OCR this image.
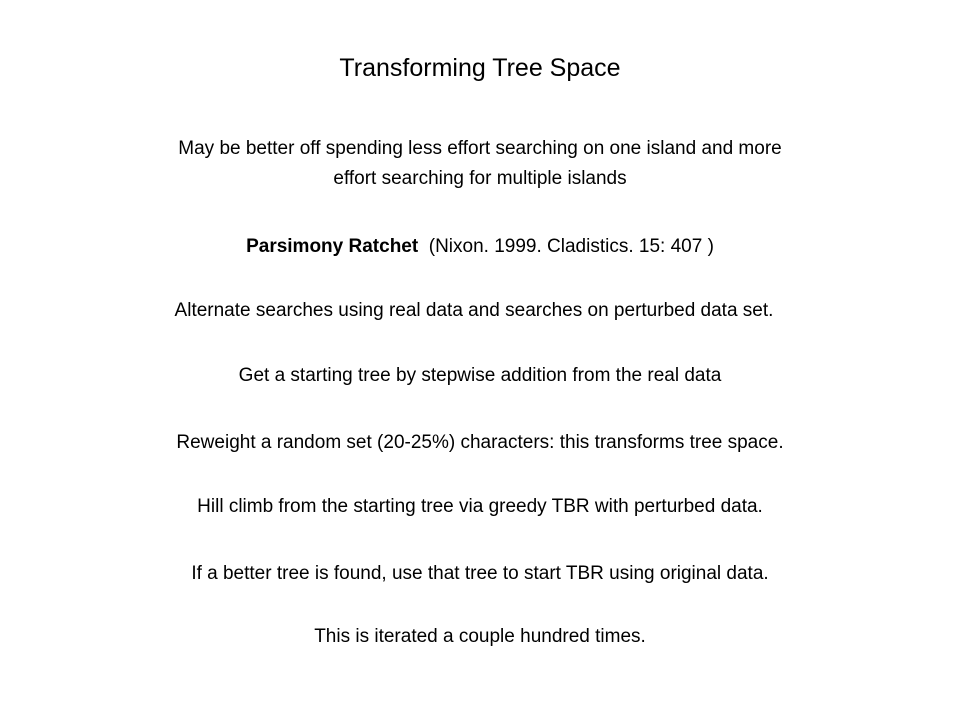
Transforming Tree Space
May be better off spending less effort searching on one island and more
effort searching for multiple islands
Parsimony Ratchet  (Nixon. 1999. Cladistics. 15: 407 )
Alternate searches using real data and searches on perturbed data set.
Get a starting tree by stepwise addition from the real data
Reweight a random set (20-25%) characters: this transforms tree space.
Hill climb from the starting tree via greedy TBR with perturbed data.
If a better tree is found, use that tree to start TBR using original data.
This is iterated a couple hundred times.
